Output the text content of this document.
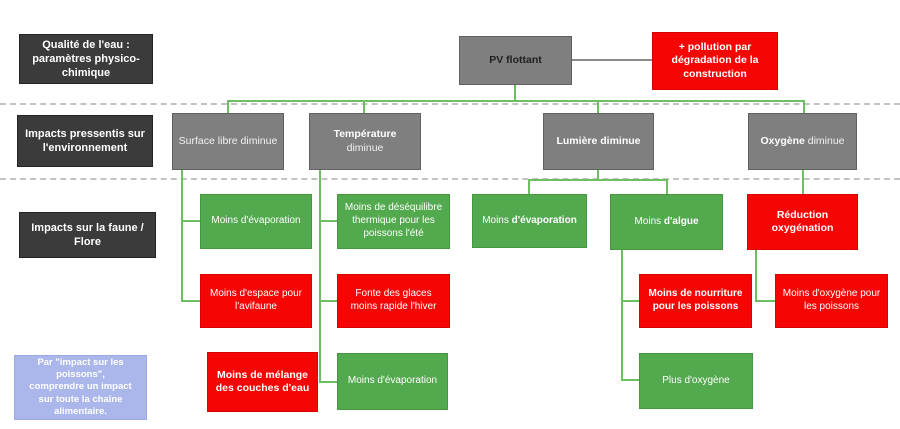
Qualité de l'eau : paramètres physico-chimique
Impacts pressentis sur l'environnement
Impacts sur la faune / Flore
Par "impact sur les poissons", comprendre un impact sur toute la chaîne alimentaire.
PV flottant
+ pollution par dégradation de la construction
Surface libre diminue
Température diminue
Lumière diminue	Oxygène diminue
Moins d'évaporation
Moins d'espace pour l'avifaune
Moins de mélange des couches d'eau
Moins de déséquilibre thermique pour les poissons l'été
Fonte des glaces moins rapide l'hiver
Moins d'évaporation
Moins d'évaporation	Moins d'algue
Moins de nourriture pour les poissons
Plus d'oxygène
Réduction oxygénation
Moins d'oxygène pour les poissons
